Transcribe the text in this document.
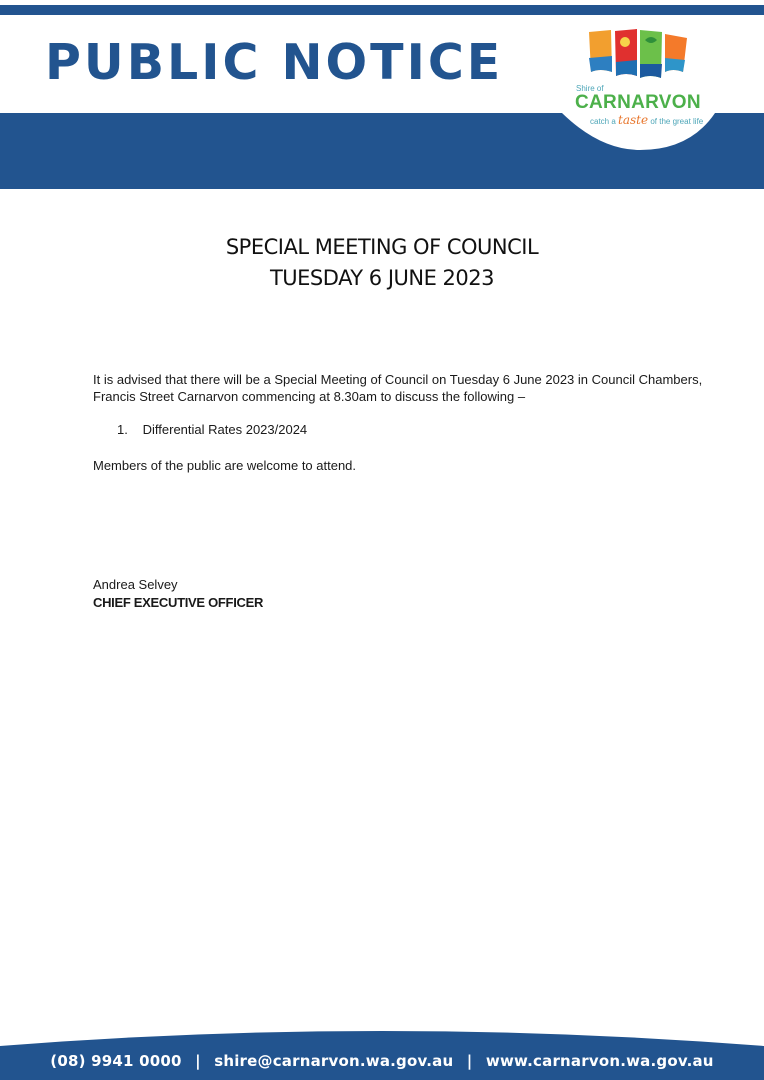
PUBLIC NOTICE	Shire of
CARNARVON
catch a taste of the great life
SPECIAL MEETING OF COUNCIL
TUESDAY 6 JUNE 2023
It is advised that there will be a Special Meeting of Council on Tuesday 6 June 2023 in Council Chambers,
Francis Street Carnarvon commencing at 8.30am to discuss the following –
1. Differential Rates 2023/2024
Members of the public are welcome to attend.
Andrea Selvey
CHIEF EXECUTIVE OFFICER
(08) 9941 0000 | shire@carnarvon.wa.gov.au | www.carnarvon.wa.gov.au
